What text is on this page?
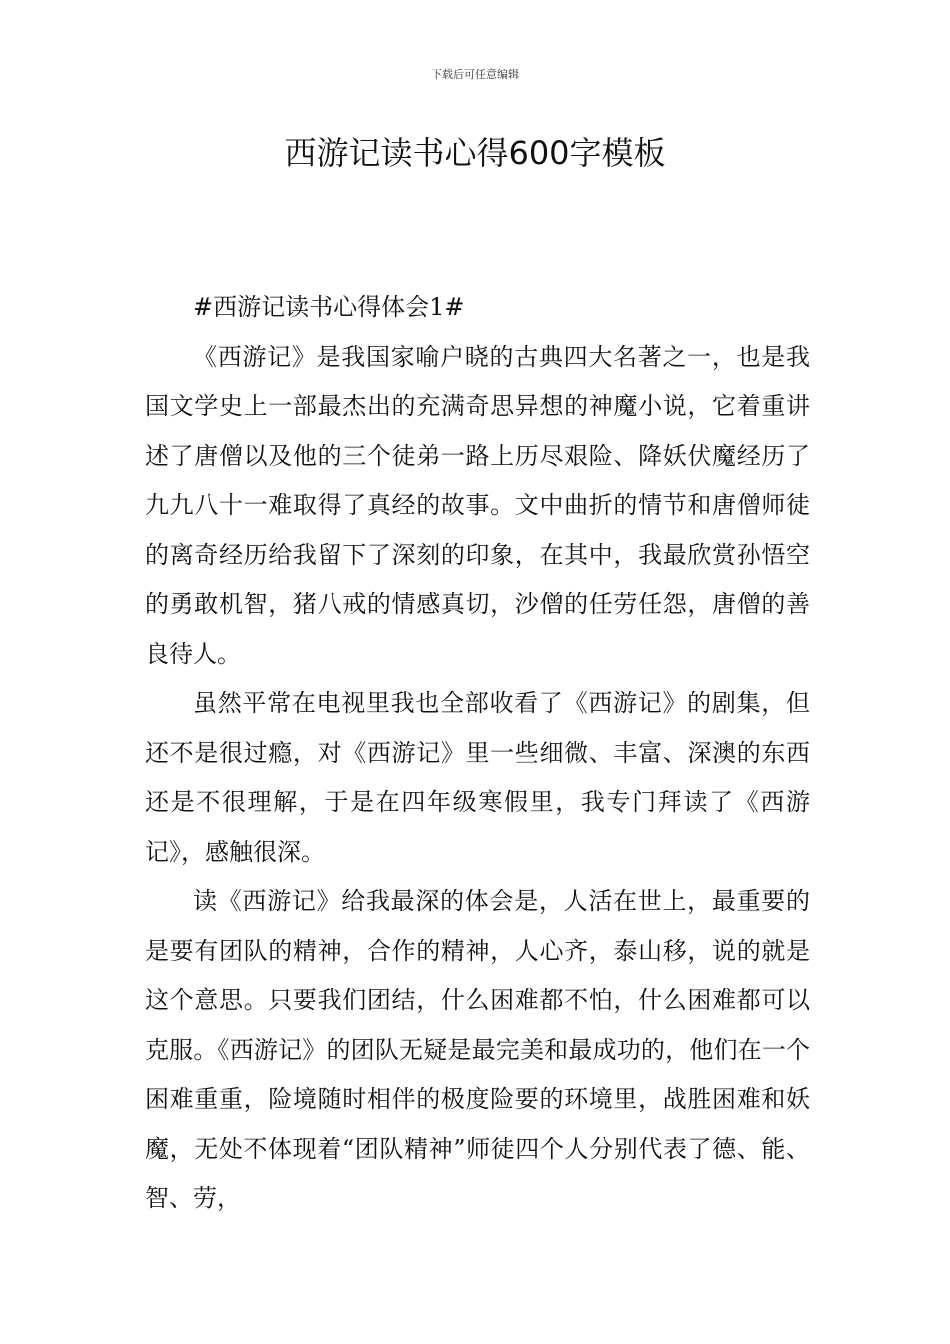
下载后可任意编辑
西游记读书心得600字模板

#西游记读书心得体会1#

《西游记》是我国家喻户晓的古典四大名著之一，也是我国文学史上一部最杰出的充满奇思异想的神魔小说，它着重讲述了唐僧以及他的三个徒弟一路上历尽艰险、降妖伏魔经历了九九八十一难取得了真经的故事。文中曲折的情节和唐僧师徒的离奇经历给我留下了深刻的印象，在其中，我最欣赏孙悟空的勇敢机智，猪八戒的情感真切，沙僧的任劳任怨，唐僧的善良待人。

虽然平常在电视里我也全部收看了《西游记》的剧集，但还不是很过瘾，对《西游记》里一些细微、丰富、深澳的东西还是不很理解，于是在四年级寒假里，我专门拜读了《西游记》，感触很深。

读《西游记》给我最深的体会是，人活在世上，最重要的是要有团队的精神，合作的精神，人心齐，泰山移，说的就是这个意思。只要我们团结，什么困难都不怕，什么困难都可以克服。《西游记》的团队无疑是最完美和最成功的，他们在一个困难重重，险境随时相伴的极度险要的环境里，战胜困难和妖魔，无处不体现着“团队精神”师徒四个人分别代表了德、能、智、劳，
